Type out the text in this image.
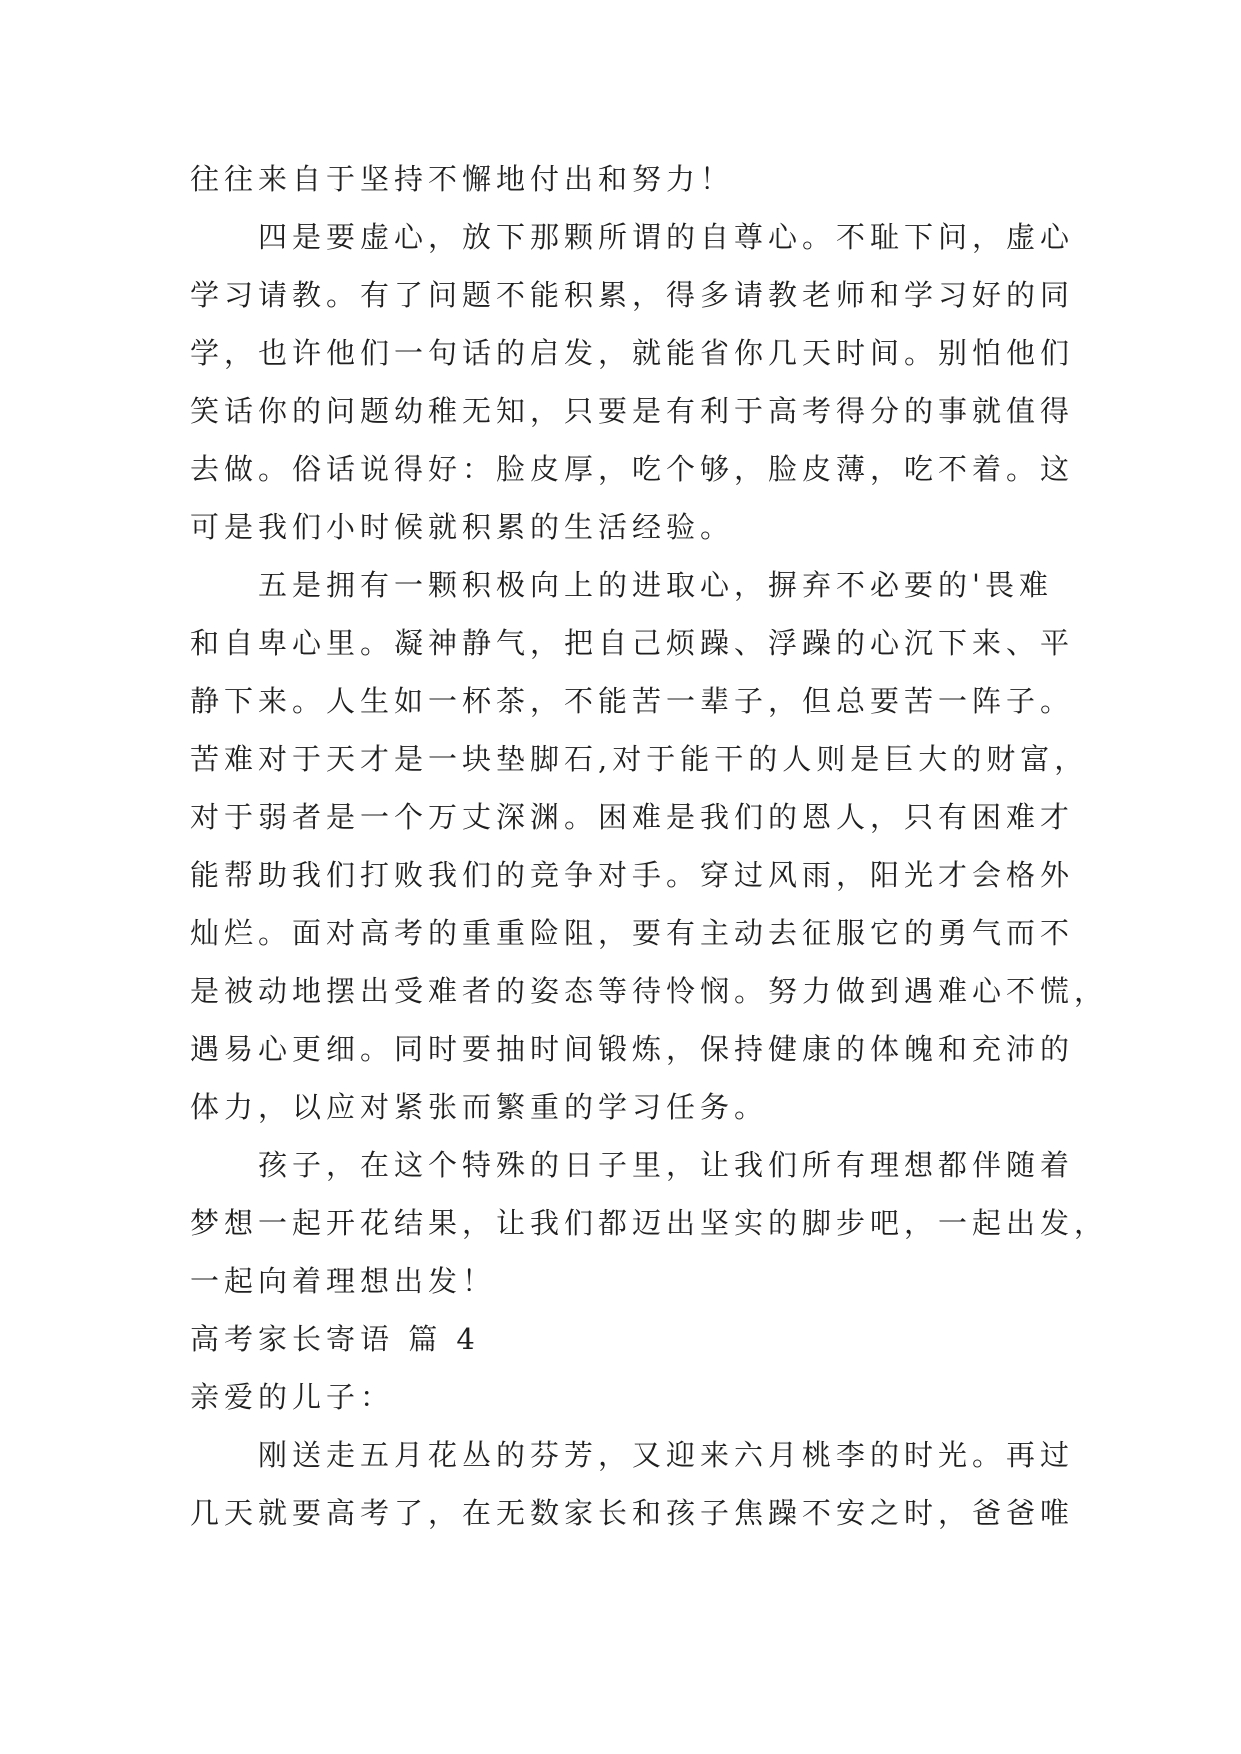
往往来自于坚持不懈地付出和努力！
四是要虚心，放下那颗所谓的自尊心。不耻下问，虚心
学习请教。有了问题不能积累，得多请教老师和学习好的同
学，也许他们一句话的启发，就能省你几天时间。别怕他们
笑话你的问题幼稚无知，只要是有利于高考得分的事就值得
去做。俗话说得好：脸皮厚，吃个够，脸皮薄，吃不着。这
可是我们小时候就积累的生活经验。
五是拥有一颗积极向上的进取心，摒弃不必要的'畏难
和自卑心里。凝神静气，把自己烦躁、浮躁的心沉下来、平
静下来。人生如一杯茶，不能苦一辈子，但总要苦一阵子。
苦难对于天才是一块垫脚石,对于能干的人则是巨大的财富，
对于弱者是一个万丈深渊。困难是我们的恩人，只有困难才
能帮助我们打败我们的竞争对手。穿过风雨，阳光才会格外
灿烂。面对高考的重重险阻，要有主动去征服它的勇气而不
是被动地摆出受难者的姿态等待怜悯。努力做到遇难心不慌，
遇易心更细。同时要抽时间锻炼，保持健康的体魄和充沛的
体力，以应对紧张而繁重的学习任务。
孩子，在这个特殊的日子里，让我们所有理想都伴随着
梦想一起开花结果，让我们都迈出坚实的脚步吧，一起出发，
一起向着理想出发！
高考家长寄语 篇 4
亲爱的儿子：
刚送走五月花丛的芬芳，又迎来六月桃李的时光。再过
几天就要高考了，在无数家长和孩子焦躁不安之时，爸爸唯
